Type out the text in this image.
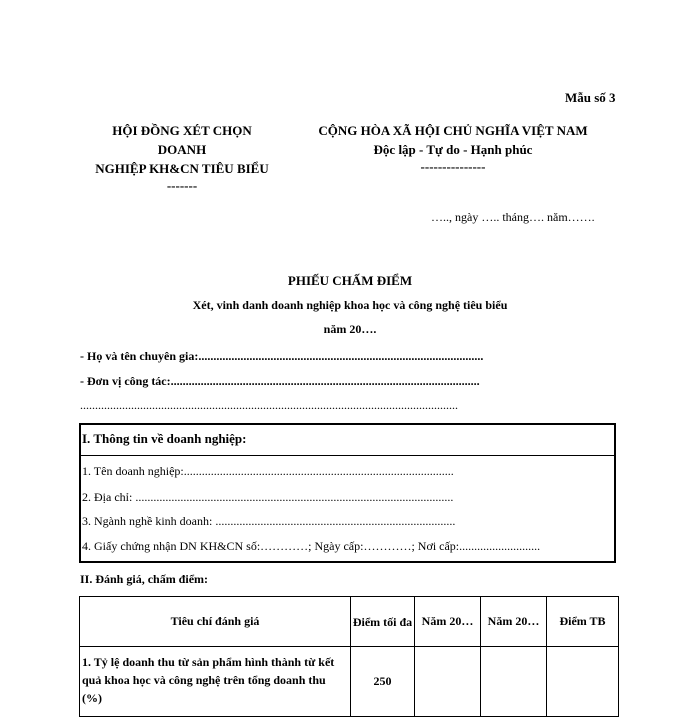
Mẫu số 3
HỘI ĐỒNG XÉT CHỌN
DOANH
NGHIỆP KH&CN TIÊU BIỂU
-------
CỘNG HÒA XÃ HỘI CHỦ NGHĨA VIỆT NAM
Độc lập - Tự do - Hạnh phúc
---------------
….., ngày ….. tháng…. năm…….
PHIẾU CHẤM ĐIỂM
Xét, vinh danh doanh nghiệp khoa học và công nghệ tiêu biểu
năm 20….
- Họ và tên chuyên gia:...............................................................................................
- Đơn vị công tác:.......................................................................................................
..............................................................................................................................
I. Thông tin về doanh nghiệp:
1. Tên doanh nghiệp:..........................................................................................
2. Địa chỉ: ..........................................................................................................
3. Ngành nghề kinh doanh: ................................................................................
4. Giấy chứng nhận DN KH&CN số:…………; Ngày cấp:…………; Nơi cấp:...........................
II. Đánh giá, chấm điểm:
Tiêu chí đánh giá	Điểm tối đa	Năm 20…	Năm 20…	Điểm TB
1. Tỷ lệ doanh thu từ sản phẩm hình thành từ kết quả khoa học và công nghệ trên tổng doanh thu (%)	250			
